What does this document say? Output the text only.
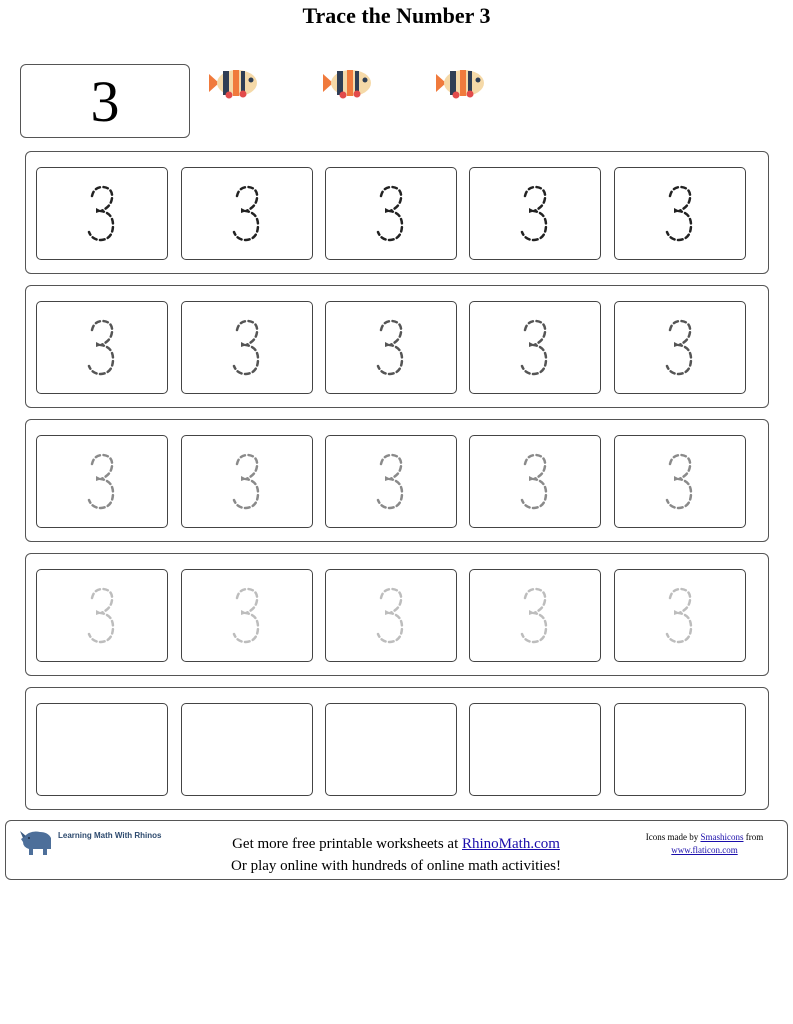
Trace the Number 3
3
Learning Math With Rhinos
Get more free printable worksheets at RhinoMath.com
Or play online with hundreds of online math activities!
Icons made by Smashicons from
www.flaticon.com
